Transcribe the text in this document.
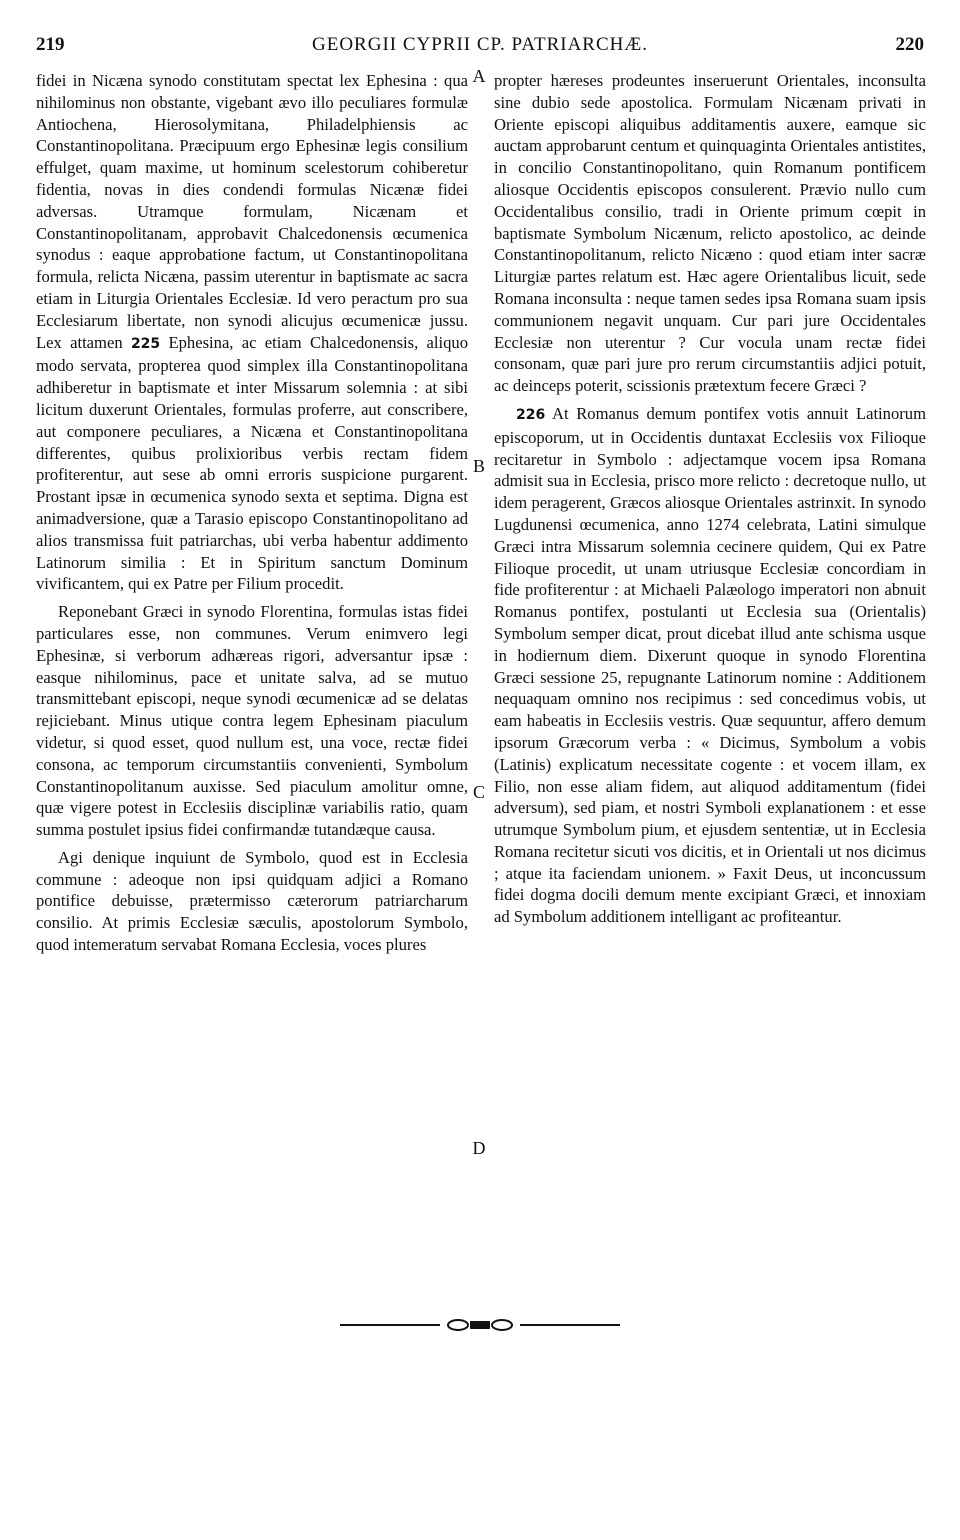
219	GEORGII CYPRII CP. PATRIARCHÆ.	220

fidei in Nicæna synodo constitutam spectat lex Ephesina : qua nihilominus non obstante, vigebant ævo illo peculiares formulæ Antiochena, Hierosolymitana, Philadelphiensis ac Constantinopolitana. Præcipuum ergo Ephesinæ legis consilium effulget, quam maxime, ut hominum scelestorum cohiberetur fidentia, novas in dies condendi formulas Nicænæ fidei adversas. Utramque formulam, Nicænam et Constantinopolitanam, approbavit Chalcedonensis œcumenica synodus : eaque approbatione factum, ut Constantinopolitana formula, relicta Nicæna, passim uterentur in baptismate ac sacra etiam in Liturgia Orientales Ecclesiæ. Id vero peractum pro sua Ecclesiarum libertate, non synodi alicujus œcumenicæ jussu. Lex attamen 225 Ephesina, ac etiam Chalcedonensis, aliquo modo servata, propterea quod simplex illa Constantinopolitana adhiberetur in baptismate et inter Missarum solemnia : at sibi licitum duxerunt Orientales, formulas proferre, aut conscribere, aut componere peculiares, a Nicæna et Constantinopolitana differentes, quibus prolixioribus verbis rectam fidem profiterentur, aut sese ab omni erroris suspicione purgarent. Prostant ipsæ in œcumenica synodo sexta et septima. Digna est animadversione, quæ a Tarasio episcopo Constantinopolitano ad alios transmissa fuit patriarchas, ubi verba habentur addimento Latinorum similia : Et in Spiritum sanctum Dominum vivificantem, qui ex Patre per Filium procedit.

Reponebant Græci in synodo Florentina, formulas istas fidei particulares esse, non communes. Verum enimvero legi Ephesinæ, si verborum adhæreas rigori, adversantur ipsæ : easque nihilominus, pace et unitate salva, ad se mutuo transmittebant episcopi, neque synodi œcumenicæ ad se delatas rejiciebant. Minus utique contra legem Ephesinam piaculum videtur, si quod esset, quod nullum est, una voce, rectæ fidei consona, ac temporum circumstantiis convenienti, Symbolum Constantinopolitanum auxisse. Sed piaculum amolitur omne, quæ vigere potest in Ecclesiis disciplinæ variabilis ratio, quam summa postulet ipsius fidei confirmandæ tutandæque causa.

Agi denique inquiunt de Symbolo, quod est in Ecclesia commune : adeoque non ipsi quidquam adjici a Romano pontifice debuisse, prætermisso cæterorum patriarcharum consilio. At primis Ecclesiæ sæculis, apostolorum Symbolo, quod intemeratum servabat Romana Ecclesia, voces plures

A
B
C
D

propter hæreses prodeuntes inseruerunt Orientales, inconsulta sine dubio sede apostolica. Formulam Nicænam privati in Oriente episcopi aliquibus additamentis auxere, eamque sic auctam approbarunt centum et quinquaginta Orientales antistites, in concilio Constantinopolitano, quin Romanum pontificem aliosque Occidentis episcopos consulerent. Prævio nullo cum Occidentalibus consilio, tradi in Oriente primum cœpit in baptismate Symbolum Nicænum, relicto apostolico, ac deinde Constantinopolitanum, relicto Nicæno : quod etiam inter sacræ Liturgiæ partes relatum est. Hæc agere Orientalibus licuit, sede Romana inconsulta : neque tamen sedes ipsa Romana suam ipsis communionem negavit unquam. Cur pari jure Occidentales Ecclesiæ non uterentur ? Cur vocula unam rectæ fidei consonam, quæ pari jure pro rerum circumstantiis adjici potuit, ac deinceps poterit, scissionis prætextum fecere Græci ?

226 At Romanus demum pontifex votis annuit Latinorum episcoporum, ut in Occidentis duntaxat Ecclesiis vox Filioque recitaretur in Symbolo : adjectamque vocem ipsa Romana admisit sua in Ecclesia, prisco more relicto : decretoque nullo, ut idem peragerent, Græcos aliosque Orientales astrinxit. In synodo Lugdunensi œcumenica, anno 1274 celebrata, Latini simulque Græci intra Missarum solemnia cecinere quidem, Qui ex Patre Filioque procedit, ut unam utriusque Ecclesiæ concordiam in fide profiterentur : at Michaeli Palæologo imperatori non abnuit Romanus pontifex, postulanti ut Ecclesia sua (Orientalis) Symbolum semper dicat, prout dicebat illud ante schisma usque in hodiernum diem. Dixerunt quoque in synodo Florentina Græci sessione 25, repugnante Latinorum nomine : Additionem nequaquam omnino nos recipimus : sed concedimus vobis, ut eam habeatis in Ecclesiis vestris. Quæ sequuntur, affero demum ipsorum Græcorum verba : « Dicimus, Symbolum a vobis (Latinis) explicatum necessitate cogente : et vocem illam, ex Filio, non esse aliam fidem, aut aliquod additamentum (fidei adversum), sed piam, et nostri Symboli explanationem : et esse utrumque Symbolum pium, et ejusdem sententiæ, ut in Ecclesia Romana recitetur sicuti vos dicitis, et in Orientali ut nos dicimus ; atque ita faciendam unionem. » Faxit Deus, ut inconcussum fidei dogma docili demum mente excipiant Græci, et innoxiam ad Symbolum additionem intelligant ac profiteantur.
